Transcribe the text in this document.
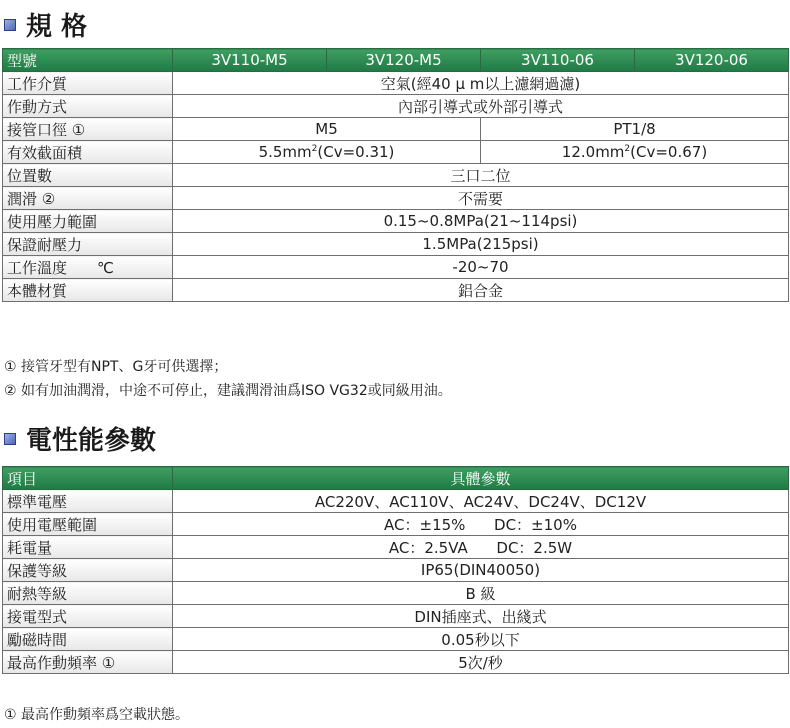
規 格
型號	3V110-M5	3V120-M5	3V110-06	3V120-06
工作介質	空氣(經40 μ m以上濾網過濾)			
作動方式	內部引導式或外部引導式			
接管口徑 ①	M5		PT1/8	
有效截面積	$5.5mm^2(Cv=0.31)$		$12.0mm^2(Cv=0.67)$	
位置數	三口二位			
潤滑 ②	不需要			
使用壓力範圍	0.15~0.8MPa(21~114psi)			
保證耐壓力	1.5MPa(215psi)			
工作溫度 ℃	-20~70			
本體材質	鋁合金			
① 接管牙型有NPT、G牙可供選擇；
② 如有加油潤滑，中途不可停止，建議潤滑油爲ISO VG32或同級用油。
電性能參數
項目	具體參數
標準電壓	AC220V、AC110V、AC24V、DC24V、DC12V
使用電壓範圍	AC：±15%      DC：±10%
耗電量	AC：2.5VA      DC：2.5W
保護等級	IP65(DIN40050)
耐熱等級	B 級
接電型式	DIN插座式、出綫式
勵磁時間	0.05秒以下
最高作動頻率 ①	5次/秒
① 最高作動頻率爲空載狀態。
